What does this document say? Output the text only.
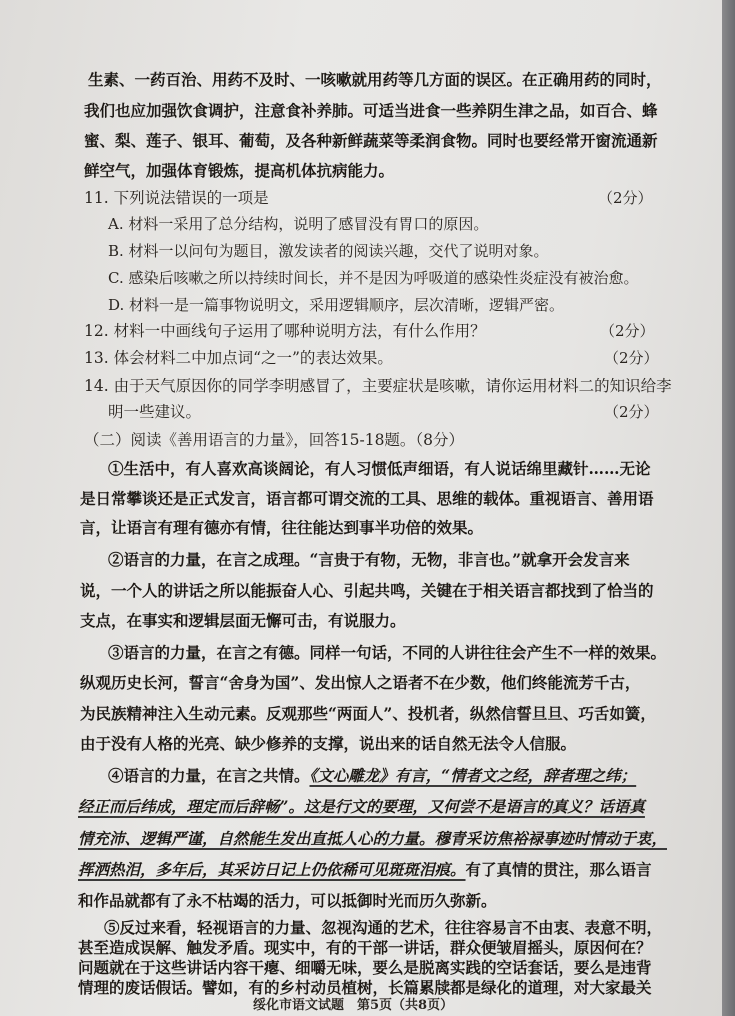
生素、一药百治、用药不及时、一咳嗽就用药等几方面的误区。在正确用药的同时，
我们也应加强饮食调护，注意食补养肺。可适当进食一些养阴生津之品，如百合、蜂
蜜、梨、莲子、银耳、葡萄，及各种新鲜蔬菜等柔润食物。同时也要经常开窗流通新
鲜空气，加强体育锻炼，提高机体抗病能力。
11. 下列说法错误的一项是	（2分）
A. 材料一采用了总分结构，说明了感冒没有胃口的原因。
B. 材料一以问句为题目，激发读者的阅读兴趣，交代了说明对象。
C. 感染后咳嗽之所以持续时间长，并不是因为呼吸道的感染性炎症没有被治愈。
D. 材料一是一篇事物说明文，采用逻辑顺序，层次清晰，逻辑严密。
12. 材料一中画线句子运用了哪种说明方法，有什么作用？	（2分）
13. 体会材料二中加点词“之一”的表达效果。	（2分）
14. 由于天气原因你的同学李明感冒了，主要症状是咳嗽，请你运用材料二的知识给李
明一些建议。	（2分）
（二）阅读《善用语言的力量》，回答15-18题。（8分）
①生活中，有人喜欢高谈阔论，有人习惯低声细语，有人说话绵里藏针……无论
是日常攀谈还是正式发言，语言都可谓交流的工具、思维的载体。重视语言、善用语
言，让语言有理有德亦有情，往往能达到事半功倍的效果。
②语言的力量，在言之成理。“言贵于有物，无物，非言也。”就拿开会发言来
说，一个人的讲话之所以能振奋人心、引起共鸣，关键在于相关语言都找到了恰当的
支点，在事实和逻辑层面无懈可击，有说服力。
③语言的力量，在言之有德。同样一句话，不同的人讲往往会产生不一样的效果。
纵观历史长河，誓言“舍身为国”、发出惊人之语者不在少数，他们终能流芳千古，
为民族精神注入生动元素。反观那些“两面人”、投机者，纵然信誓旦旦、巧舌如簧，
由于没有人格的光亮、缺少修养的支撑，说出来的话自然无法令人信服。
④语言的力量，在言之共情。《文心雕龙》有言，“情者文之经，辞者理之纬；
经正而后纬成，理定而后辞畅”。这是行文的要理，又何尝不是语言的真义？话语真
情充沛、逻辑严谨，自然能生发出直抵人心的力量。穆青采访焦裕禄事迹时情动于衷，
挥洒热泪，多年后，其采访日记上仍依稀可见斑斑泪痕。有了真情的贯注，那么语言
和作品就都有了永不枯竭的活力，可以抵御时光而历久弥新。
⑤反过来看，轻视语言的力量、忽视沟通的艺术，往往容易言不由衷、表意不明，
甚至造成误解、触发矛盾。现实中，有的干部一讲话，群众便皱眉摇头，原因何在？
绥化市语文试题　第5页（共8页）
问题就在于这些讲话内容干瘪、细嚼无味，要么是脱离实践的空话套话，要么是违背
情理的废话假话。譬如，有的乡村动员植树，长篇累牍都是绿化的道理，对大家最关
